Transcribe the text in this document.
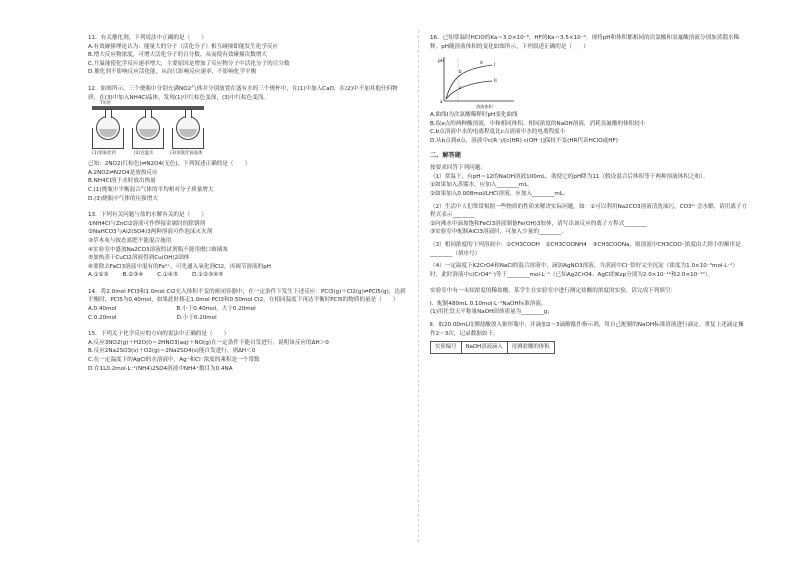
11．有关催化剂，下列说法中正确的是（　　）
A.有效碰撞理论认为：能量大的分子（活化分子）相互碰撞即能发生化学反应
B.增大反应物浓度，可增大活化分子的百分数，从而使有效碰撞次数增大
C.升温能使化学反应速率增大，主要原因是增加了反应物分子中活化分子的百分数
D.催化剂不影响反应活化能，从而只影响反应速率，不影响化学平衡
12．如图所示，三个烧瓶中分别充满NO2气体并分别放置在盛有水的三个烧杯中，在(1)中加入CaO，在(2)中不加其他任何物质，在(3)中加入NH4Cl晶体，发现(1)中红棕色变深，(3)中红棕色变浅。
T形管
(1)加氧化钙	(2)室温水	(3)加氯化铵晶体
已知：2NO2(红棕色)⇌N2O4(无色)，下列叙述正确的是（　　）
A.2NO2⇌N2O4是放热反应
B.NH4Cl溶于水时放出热量
C.(1)烧瓶中平衡混合气体的平均相对分子质量增大
D.(3)烧瓶中气体的压强增大
13．下列有关问题与盐的水解有关的是（　　）
①NH4Cl与ZnCl2溶液可作焊接金属时的除锈剂
②NaHCO3与Al2(SO4)3两种溶液可作泡沫灭火剂
③草木灰与铵态氮肥不能混合施用
④实验室中盛放Na2CO3溶液的试剂瓶不能用磨口玻璃塞
⑤加热蒸干CuCl2溶液得到Cu(OH)2固体
⑥要除去FeCl3溶液中混有的Fe²⁺，可先通入氧化剂Cl2，再调节溶液的pH
A.①②③	B.②③④	C.①④⑤	D.①②③④⑤
14．将2.0mol PCl3和1.0mol Cl2充入体积不变的密闭容器中，在一定条件下发生下述反应：PCl3(g)＋Cl2(g)⇌PCl5(g)，达到平衡时，PCl5为0.40mol，如果此时移走1.0mol PCl3和0.50mol Cl2，在相同温度下再达平衡时PCl5的物质的量是（　　）
A.0.40mol	B.小于0.40mol，大于0.20mol
C.0.20mol	D.小于0.20mol
15．下列关于化学反应的方向的说法中正确的是（　　）
A.反应3NO2(g)＋H2O(l)＝2HNO3(aq)＋NO(g)在一定条件下能自发进行，说明该反应的ΔH＞0
B.反应2Na2SO3(s)＋O2(g)＝2Na2SO4(s)能自发进行，则ΔH＜0
C.在一定温度下的AgCl的水溶液中，Ag⁺和Cl⁻浓度的乘积是一个常数
D.在1L0.2mol·L⁻¹(NH4)2SO4溶液中NH4⁺数目为0.4NA
16．已知常温时HClO的Ka＝3.0×10⁻⁸，HF的Ka＝3.5×10⁻⁴。现将pH和体积都相同的次氯酸和氢氟酸溶液分别加蒸馏水稀释，pH随溶液体积的变化如图所示，下列叙述正确的是（　　）
pH
I
II
a
b
c
d
溶液体积
A.曲线I为次氯酸稀释时pH变化曲线
B.取a点的两种酸溶液，中和相同体积、相同浓度的NaOH溶液，消耗氢氟酸的体积较小
C.b点溶液中水的电离程度比c点溶液中水的电离程度小
D.从b点到d点，溶液中c(R⁻)/[c(HR)·c(OH⁻)]保持不变(HR代表HClO或HF)
二、解答题
按要求回答下列问题：
（1）常温下，有pH＝12的NaOH溶液100mL，欲使它的pH降为11（假设混合后体积等于两种溶液体积之和）。
①如果加入蒸馏水，应加入________mL。
②如果加入0.008mol/LHCl溶液，应加入________mL。
（2）生活中人们常常根据一些物质的性质来解决实际问题。如：①可以利用Na2CO3溶液清洗油污，CO3²⁻会水解，请用离子方程式表示________
②向沸水中滴加饱和FeCl3溶液制备Fe(OH)3胶体，请写出该反应的离子方程式________
③实验室中配制AlCl3溶液时，可加入少量的________。
（3）相同浓度的下列溶液中：①CH3COOH　②CH3COONH4　③CH3COONa，则溶液中CH3COO⁻浓度由大到小的顺序是________（填序号）
（4）一定温度下K2CrO4和NaCl的混合溶液中，滴加AgNO3溶液，当溶液中Cl⁻恰好完全沉淀（浓度为1.0×10⁻⁵mol·L⁻¹）时，此时溶液中c(CrO4²⁻)等于________mol·L⁻¹（已知Ag2CrO4、AgCl的Ksp分别为2.0×10⁻¹²和2.0×10⁻¹⁰）。
实验室中有一未知浓度的稀盐酸，某学生在实验室中进行测定盐酸的浓度的实验，请完成下列填空：
Ⅰ．配制480mL 0.10mol·L⁻¹NaOH标准溶液。
(1)用托盘天平称量NaOH固体质量为________g；
Ⅱ．取20.00mL待测盐酸放入锥形瓶中，并滴加2～3滴酚酞作指示剂，用自己配制的NaOH标准溶液进行滴定。重复上述滴定操作2～3次，记录数据如下。
实验编号	NaOH溶液滴入	待测盐酸的体积
